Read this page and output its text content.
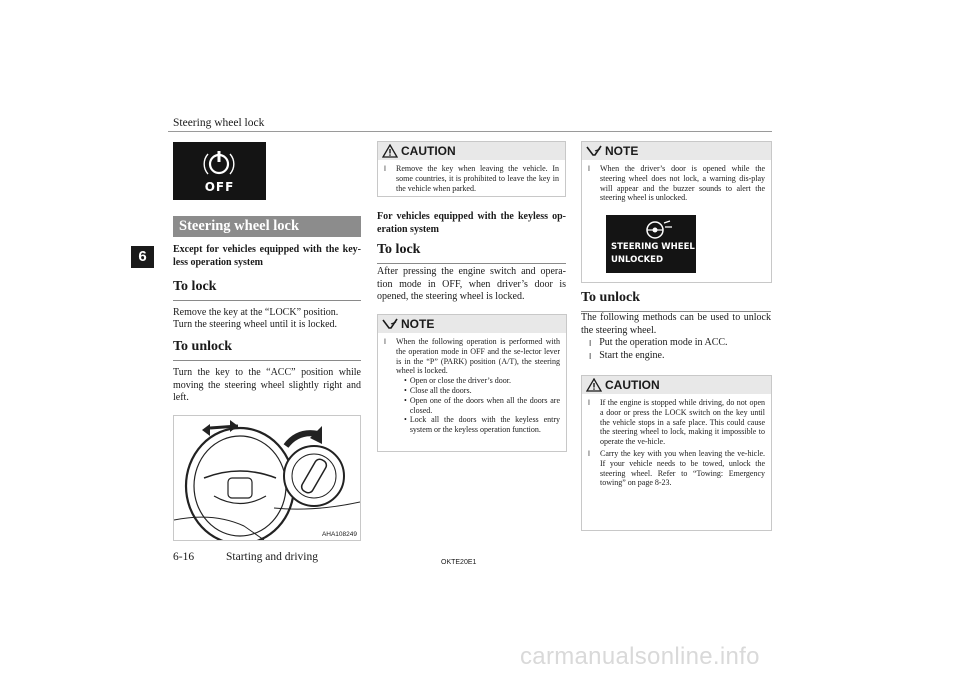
Steering wheel lock
6
OFF
Steering wheel lock

Except for vehicles equipped with the key-less operation system

To lock

Remove the key at the “LOCK” position.

Turn the steering wheel until it is locked.

To unlock

Turn the key to the “ACC” position while moving the steering wheel slightly right and left.

AHA108249
CAUTION
l	Remove the key when leaving the vehicle. In some countries, it is prohibited to leave the key in the vehicle when parked.

For vehicles equipped with the keyless op-eration system

To lock

After pressing the engine switch and opera-tion mode in OFF, when driver’s door is opened, the steering wheel is locked.

NOTE
l	When the following operation is performed with the operation mode in OFF and the se-lector lever is in the “P” (PARK) position (A/T), the steering wheel is locked.

• Open or close the driver’s door.

• Close all the doors.

• Open one of the doors when all the doors are closed.

• Lock all the doors with the keyless entry system or the keyless operation function.

NOTE
l	When the driver’s door is opened while the steering wheel does not lock, a warning dis-play will appear and the buzzer sounds to alert the steering wheel is unlocked.

STEERING WHEEL
UNLOCKED
To unlock

The following methods can be used to unlock the steering wheel.

l Put the operation mode in ACC.

l Start the engine.

CAUTION
l	If the engine is stopped while driving, do not open a door or press the LOCK switch on the key until the vehicle stops in a safe place. This could cause the steering wheel to lock, making it impossible to operate the ve-hicle.

l	Carry the key with you when leaving the ve-hicle. If your vehicle needs to be towed, unlock the steering wheel. Refer to “Towing: Emergency towing” on page 8-23.

6-16	Starting and driving	OKTE20E1
carmanualsonline.info
